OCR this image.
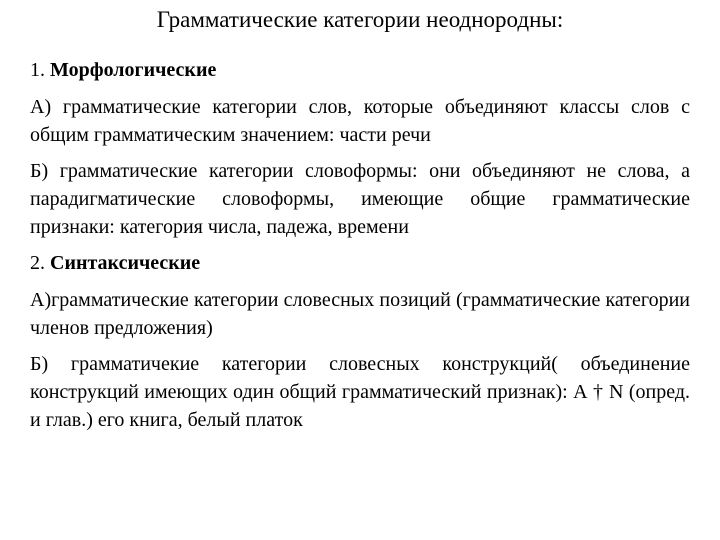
Грамматические категории неоднородны:
1. Морфологические
А) грамматические категории слов, которые объединяют классы слов с общим грамматическим значением: части речи
Б) грамматические категории словоформы: они объединяют не слова, а парадигматические словоформы, имеющие общие грамматические признаки: категория числа, падежа, времени
2. Синтаксические
А)грамматические категории словесных позиций (грамматические категории членов предложения)
Б) грамматичекие категории словесных конструкций( объединение конструкций имеющих один общий грамматический признак): А † N (опред. и глав.) его книга, белый платок
